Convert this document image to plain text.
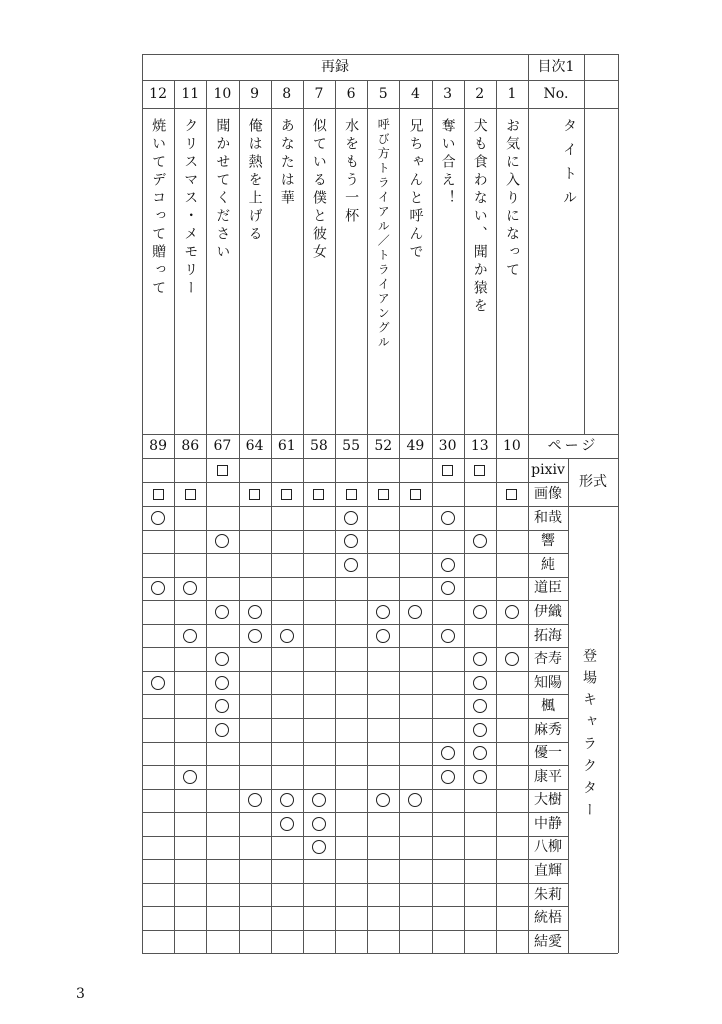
再録	目次1
No.
タイトル
ページ
pixiv
画像
形式
登場キャラクター
3
12
焼いてデコって贈って
89
11
クリスマス・メモリー
86
10
聞かせてください
67
9
俺は熱を上げる
64
8
あなたは華
61
7
似ている僕と彼女
58
6
水をもう一杯
55
5
呼び方トライアル／トライアングル
52
4
兄ちゃんと呼んで
49
3
奪い合え！
30
2
犬も食わない、聞か猿を
13
1
お気に入りになって
10
和哉
響
純
道臣
伊織
拓海
杏寿
知陽
楓
麻秀
優一
康平
大樹
中静
八柳
直輝
朱莉
統梧
結愛
